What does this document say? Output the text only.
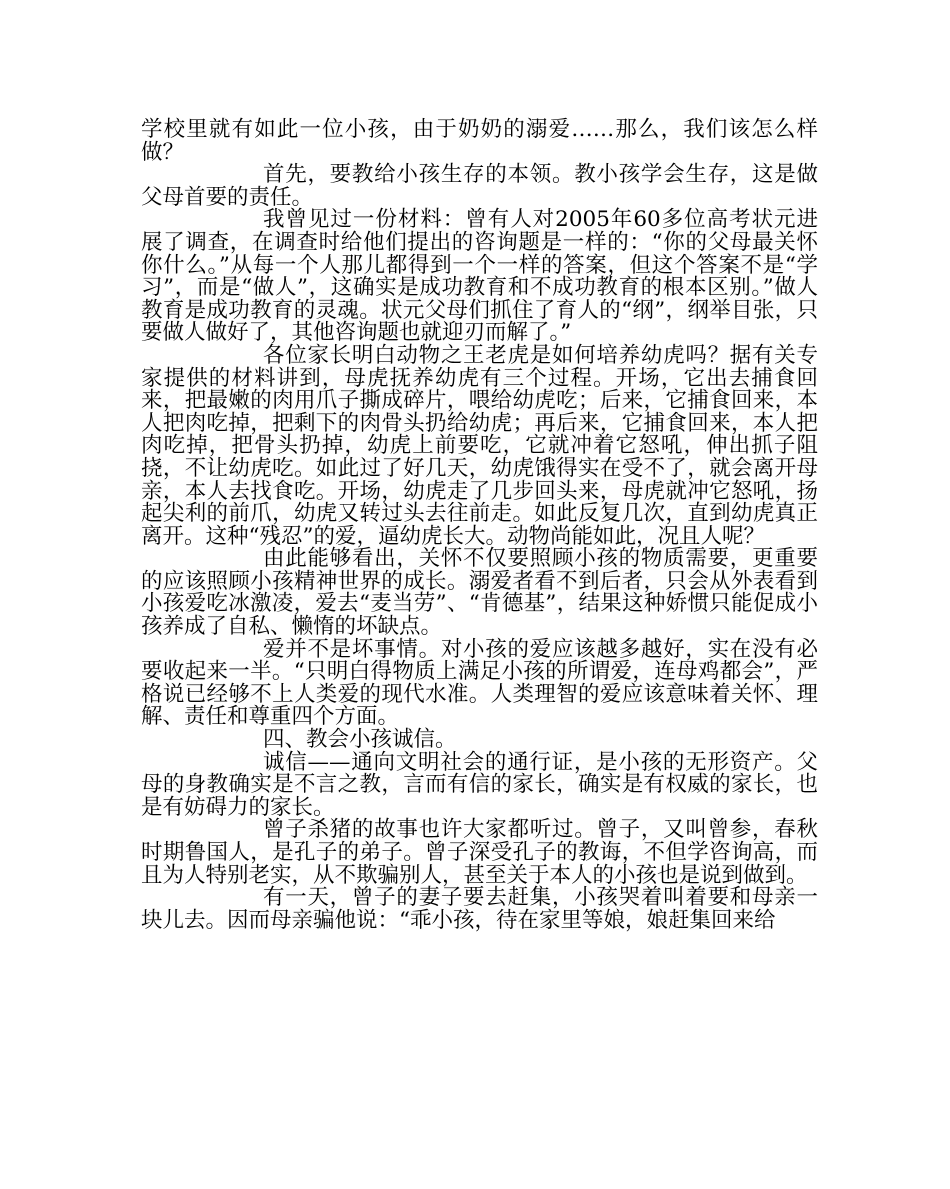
学校里就有如此一位小孩，由于奶奶的溺爱……那么，我们该怎么样做？

首先，要教给小孩生存的本领。教小孩学会生存，这是做父母首要的责任。

我曾见过一份材料：曾有人对2005年60多位高考状元进展了调查，在调查时给他们提出的咨询题是一样的：“你的父母最关怀你什么。”从每一个人那儿都得到一个一样的答案，但这个答案不是“学习”，而是“做人”，这确实是成功教育和不成功教育的根本区别。”做人教育是成功教育的灵魂。状元父母们抓住了育人的“纲”，纲举目张，只要做人做好了，其他咨询题也就迎刃而解了。”

各位家长明白动物之王老虎是如何培养幼虎吗？据有关专家提供的材料讲到，母虎抚养幼虎有三个过程。开场，它出去捕食回来，把最嫩的肉用爪子撕成碎片，喂给幼虎吃；后来，它捕食回来，本人把肉吃掉，把剩下的肉骨头扔给幼虎；再后来，它捕食回来，本人把肉吃掉，把骨头扔掉，幼虎上前要吃，它就冲着它怒吼，伸出抓子阻挠，不让幼虎吃。如此过了好几天，幼虎饿得实在受不了，就会离开母亲，本人去找食吃。开场，幼虎走了几步回头来，母虎就冲它怒吼，扬起尖利的前爪，幼虎又转过头去往前走。如此反复几次，直到幼虎真正离开。这种“残忍”的爱，逼幼虎长大。动物尚能如此，况且人呢？

由此能够看出，关怀不仅要照顾小孩的物质需要，更重要的应该照顾小孩精神世界的成长。溺爱者看不到后者，只会从外表看到小孩爱吃冰激凌，爱去“麦当劳”、“肯德基”，结果这种娇惯只能促成小孩养成了自私、懒惰的坏缺点。

爱并不是坏事情。对小孩的爱应该越多越好，实在没有必要收起来一半。“只明白得物质上满足小孩的所谓爱，连母鸡都会”，严格说已经够不上人类爱的现代水准。人类理智的爱应该意味着关怀、理解、责任和尊重四个方面。

四、教会小孩诚信。

诚信——通向文明社会的通行证，是小孩的无形资产。父母的身教确实是不言之教，言而有信的家长，确实是有权威的家长，也是有妨碍力的家长。

曾子杀猪的故事也许大家都听过。曾子，又叫曾参，春秋时期鲁国人，是孔子的弟子。曾子深受孔子的教诲，不但学咨询高，而且为人特别老实，从不欺骗别人，甚至关于本人的小孩也是说到做到。

有一天，曾子的妻子要去赶集，小孩哭着叫着要和母亲一块儿去。因而母亲骗他说：“乖小孩，待在家里等娘，娘赶集回来给
